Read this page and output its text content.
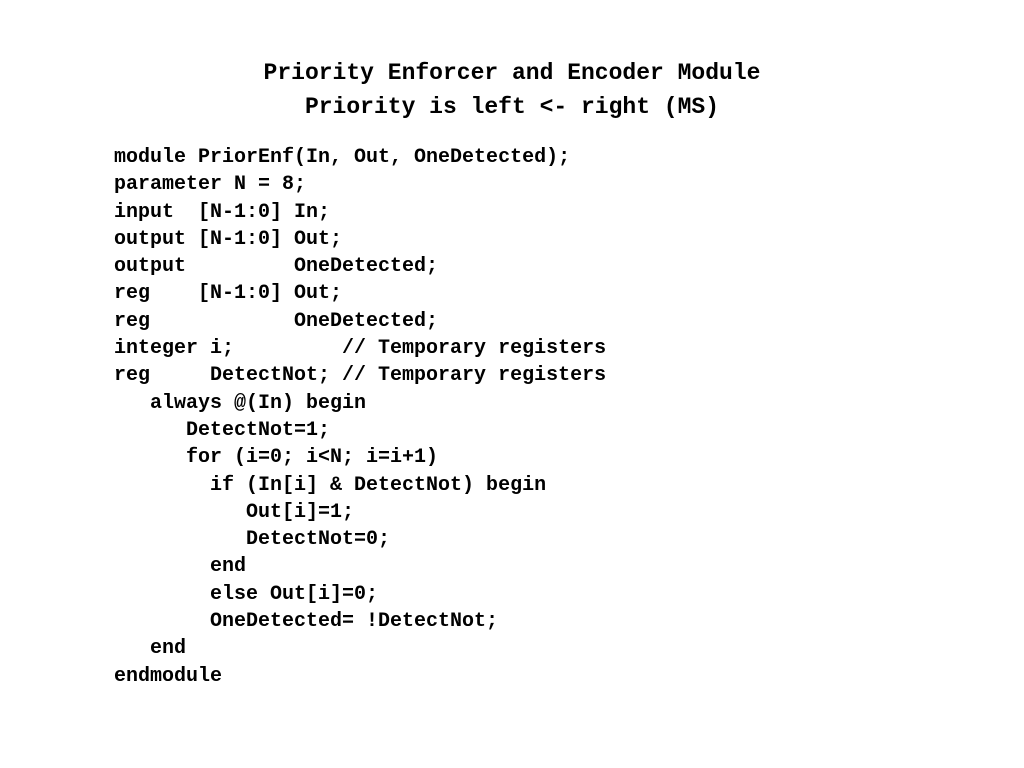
Priority Enforcer and Encoder Module
Priority is left <- right (MS)
module PriorEnf(In, Out, OneDetected);
parameter N = 8;
input  [N-1:0] In;
output [N-1:0] Out;
output         OneDetected;
reg    [N-1:0] Out;
reg            OneDetected;
integer i;         // Temporary registers
reg     DetectNot; // Temporary registers
always @(In) begin
DetectNot=1;
for (i=0; i<N; i=i+1)
if (In[i] & DetectNot) begin
Out[i]=1;
DetectNot=0;
end
else Out[i]=0;
OneDetected= !DetectNot;
end
endmodule
